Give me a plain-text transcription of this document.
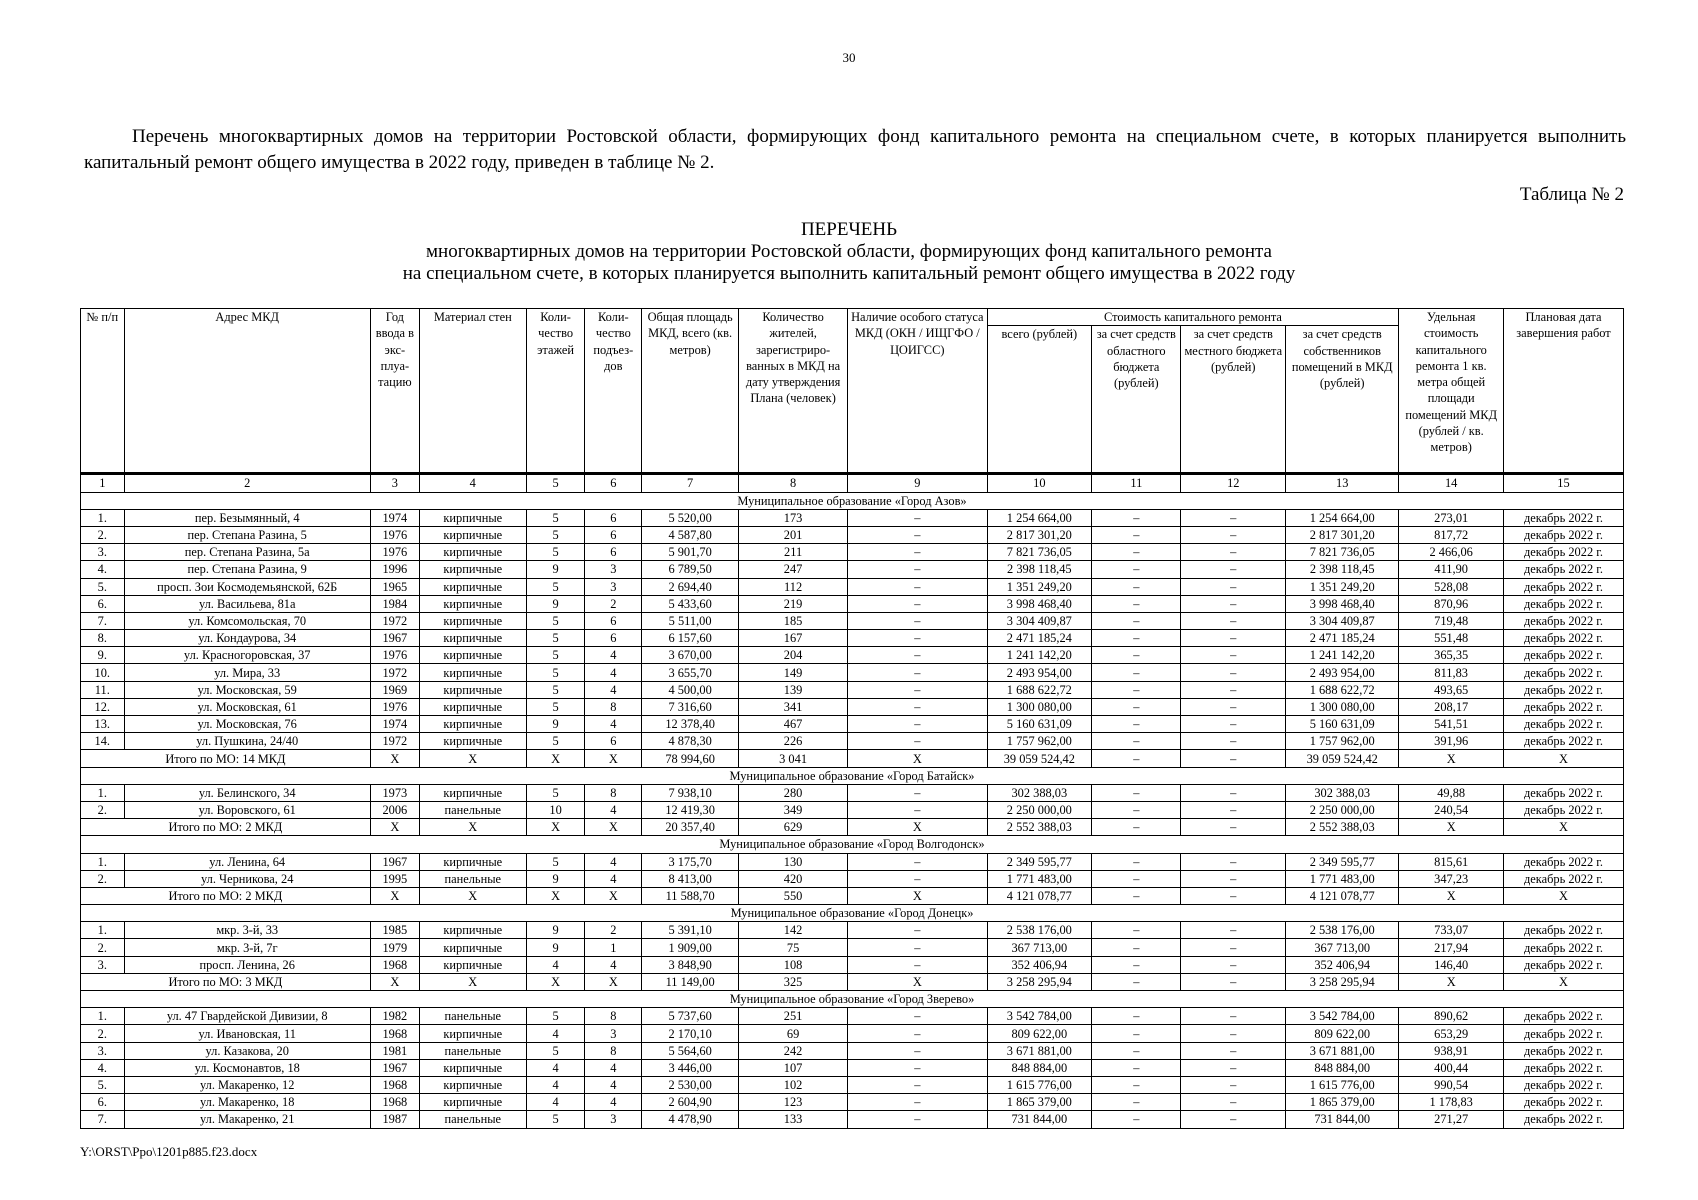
30
Перечень многоквартирных домов на территории Ростовской области, формирующих фонд капитального ремонта на специальном счете, в которых планируется выполнить капитальный ремонт общего имущества в 2022 году, приведен в таблице № 2.
Таблица № 2
ПЕРЕЧЕНЬ
многоквартирных домов на территории Ростовской области, формирующих фонд капитального ремонта
на специальном счете, в которых планируется выполнить капитальный ремонт общего имущества в 2022 году
№ п/п	Адрес МКД	Год ввода в экс-плуа-тацию	Материал стен	Коли-чество этажей	Коли-чество подъез-дов	Общая площадь МКД, всего (кв. метров)	Количество жителей, зарегистриро-ванных в МКД на дату утверждения Плана (человек)	Наличие особого статуса МКД (ОКН / ИЩГФО / ЦОИГСС)	Стоимость капитального ремонта				Удельная стоимость капитального ремонта 1 кв. метра общей площади помещений МКД (рублей / кв. метров)	Плановая дата завершения работ
									всего (рублей)	за счет средств областного бюджета (рублей)	за счет средств местного бюджета (рублей)	за счет средств собственников помещений в МКД (рублей)		
1	2	3	4	5	6	7	8	9	10	11	12	13	14	15
Муниципальное образование «Город Азов»														
1.	пер. Безымянный, 4	1974	кирпичные	5	6	5 520,00	173	–	1 254 664,00	–	–	1 254 664,00	273,01	декабрь 2022 г.
2.	пер. Степана Разина, 5	1976	кирпичные	5	6	4 587,80	201	–	2 817 301,20	–	–	2 817 301,20	817,72	декабрь 2022 г.
3.	пер. Степана Разина, 5а	1976	кирпичные	5	6	5 901,70	211	–	7 821 736,05	–	–	7 821 736,05	2 466,06	декабрь 2022 г.
4.	пер. Степана Разина, 9	1996	кирпичные	9	3	6 789,50	247	–	2 398 118,45	–	–	2 398 118,45	411,90	декабрь 2022 г.
5.	просп. Зои Космодемьянской, 62Б	1965	кирпичные	5	3	2 694,40	112	–	1 351 249,20	–	–	1 351 249,20	528,08	декабрь 2022 г.
6.	ул. Васильева, 81а	1984	кирпичные	9	2	5 433,60	219	–	3 998 468,40	–	–	3 998 468,40	870,96	декабрь 2022 г.
7.	ул. Комсомольская, 70	1972	кирпичные	5	6	5 511,00	185	–	3 304 409,87	–	–	3 304 409,87	719,48	декабрь 2022 г.
8.	ул. Кондаурова, 34	1967	кирпичные	5	6	6 157,60	167	–	2 471 185,24	–	–	2 471 185,24	551,48	декабрь 2022 г.
9.	ул. Красногоровская, 37	1976	кирпичные	5	4	3 670,00	204	–	1 241 142,20	–	–	1 241 142,20	365,35	декабрь 2022 г.
10.	ул. Мира, 33	1972	кирпичные	5	4	3 655,70	149	–	2 493 954,00	–	–	2 493 954,00	811,83	декабрь 2022 г.
11.	ул. Московская, 59	1969	кирпичные	5	4	4 500,00	139	–	1 688 622,72	–	–	1 688 622,72	493,65	декабрь 2022 г.
12.	ул. Московская, 61	1976	кирпичные	5	8	7 316,60	341	–	1 300 080,00	–	–	1 300 080,00	208,17	декабрь 2022 г.
13.	ул. Московская, 76	1974	кирпичные	9	4	12 378,40	467	–	5 160 631,09	–	–	5 160 631,09	541,51	декабрь 2022 г.
14.	ул. Пушкина, 24/40	1972	кирпичные	5	6	4 878,30	226	–	1 757 962,00	–	–	1 757 962,00	391,96	декабрь 2022 г.
Итого по МО: 14 МКД		X	X	X	X	78 994,60	3 041	X	39 059 524,42	–	–	39 059 524,42	X	X
Муниципальное образование «Город Батайск»														
1.	ул. Белинского, 34	1973	кирпичные	5	8	7 938,10	280	–	302 388,03	–	–	302 388,03	49,88	декабрь 2022 г.
2.	ул. Воровского, 61	2006	панельные	10	4	12 419,30	349	–	2 250 000,00	–	–	2 250 000,00	240,54	декабрь 2022 г.
Итого по МО: 2 МКД		X	X	X	X	20 357,40	629	X	2 552 388,03	–	–	2 552 388,03	X	X
Муниципальное образование «Город Волгодонск»														
1.	ул. Ленина, 64	1967	кирпичные	5	4	3 175,70	130	–	2 349 595,77	–	–	2 349 595,77	815,61	декабрь 2022 г.
2.	ул. Черникова, 24	1995	панельные	9	4	8 413,00	420	–	1 771 483,00	–	–	1 771 483,00	347,23	декабрь 2022 г.
Итого по МО: 2 МКД		X	X	X	X	11 588,70	550	X	4 121 078,77	–	–	4 121 078,77	X	X
Муниципальное образование «Город Донецк»														
1.	мкр. 3-й, 33	1985	кирпичные	9	2	5 391,10	142	–	2 538 176,00	–	–	2 538 176,00	733,07	декабрь 2022 г.
2.	мкр. 3-й, 7г	1979	кирпичные	9	1	1 909,00	75	–	367 713,00	–	–	367 713,00	217,94	декабрь 2022 г.
3.	просп. Ленина, 26	1968	кирпичные	4	4	3 848,90	108	–	352 406,94	–	–	352 406,94	146,40	декабрь 2022 г.
Итого по МО: 3 МКД		X	X	X	X	11 149,00	325	X	3 258 295,94	–	–	3 258 295,94	X	X
Муниципальное образование «Город Зверево»														
1.	ул. 47 Гвардейской Дивизии, 8	1982	панельные	5	8	5 737,60	251	–	3 542 784,00	–	–	3 542 784,00	890,62	декабрь 2022 г.
2.	ул. Ивановская, 11	1968	кирпичные	4	3	2 170,10	69	–	809 622,00	–	–	809 622,00	653,29	декабрь 2022 г.
3.	ул. Казакова, 20	1981	панельные	5	8	5 564,60	242	–	3 671 881,00	–	–	3 671 881,00	938,91	декабрь 2022 г.
4.	ул. Космонавтов, 18	1967	кирпичные	4	4	3 446,00	107	–	848 884,00	–	–	848 884,00	400,44	декабрь 2022 г.
5.	ул. Макаренко, 12	1968	кирпичные	4	4	2 530,00	102	–	1 615 776,00	–	–	1 615 776,00	990,54	декабрь 2022 г.
6.	ул. Макаренко, 18	1968	кирпичные	4	4	2 604,90	123	–	1 865 379,00	–	–	1 865 379,00	1 178,83	декабрь 2022 г.
7.	ул. Макаренко, 21	1987	панельные	5	3	4 478,90	133	–	731 844,00	–	–	731 844,00	271,27	декабрь 2022 г.
Y:\ORST\Ppo\1201p885.f23.docx
